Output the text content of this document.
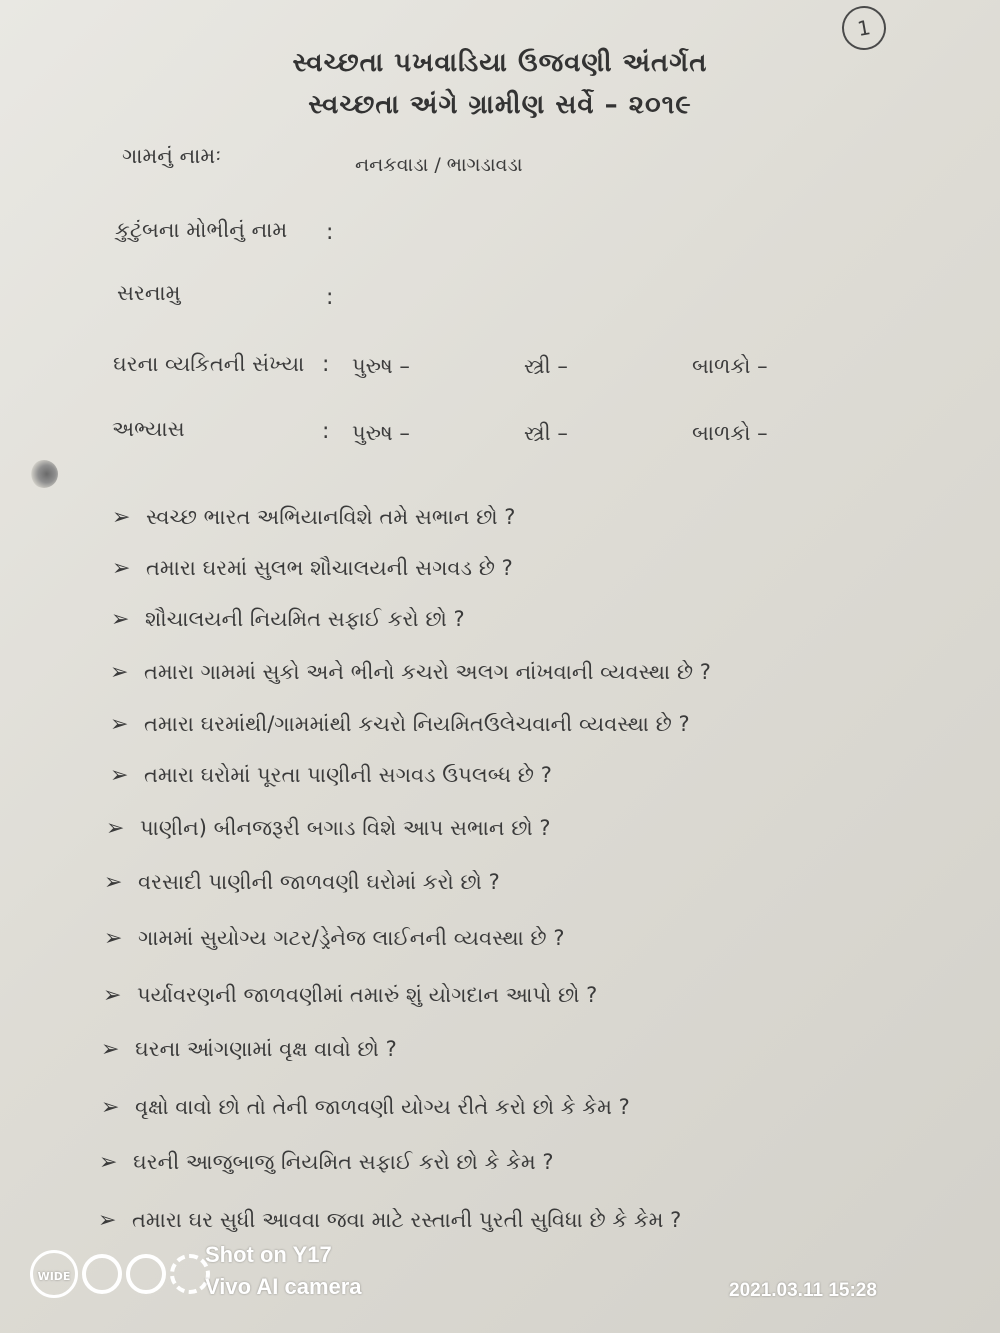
1
સ્વચ્છતા પખવાડિયા ઉજવણી અંતર્ગત
સ્વચ્છતા અંગે ગ્રામીણ સર્વે – ૨૦૧૯
ગામનું નામઃ	નનકવાડા / ભાગડાવડા
કુટુંબના મોભીનું નામ :
સરનામુ	:
ઘરના વ્યકિતની સંખ્યા : પુરુષ –	સ્ત્રી –	બાળકો –
અભ્યાસ	: પુરુષ –	સ્ત્રી –	બાળકો –
➢ સ્વચ્છ ભારત અભિયાનવિશે તમે સભાન છો ?
➢ તમારા ઘરમાં સુલભ શૌચાલયની સગવડ છે ?
➢ શૌચાલયની નિયમિત સફાઈ કરો છો ?
➢ તમારા ગામમાં સુકો અને ભીનો કચરો અલગ નાંખવાની વ્યવસ્થા છે ?
➢ તમારા ઘરમાંથી/ગામમાંથી કચરો નિયમિતઉલેચવાની વ્યવસ્થા છે ?
➢ તમારા ઘરોમાં પૂરતા પાણીની સગવડ ઉપલબ્ધ છે ?
➢ પાણીન) બીનજરૂરી બગાડ વિશે આપ સભાન છો ?
➢ વરસાદી પાણીની જાળવણી ઘરોમાં કરો છો ?
➢ ગામમાં સુયોગ્ય ગટર/ડ્રેનેજ લાઈનની વ્યવસ્થા છે ?
➢ પર્યાવરણની જાળવણીમાં તમારું શું યોગદાન આપો છો ?
➢ ઘરના આંગણામાં વૃક્ષ વાવો છો ?
➢ વૃક્ષો વાવો છો તો તેની જાળવણી યોગ્ય રીતે કરો છો કે કેમ ?
➢ ઘરની આજુબાજુ નિયમિત સફાઈ કરો છો કે કેમ ?
➢ તમારા ઘર સુધી આવવા જવા માટે રસ્તાની પુરતી સુવિધા છે કે કેમ ?
WIDE
Shot on Y17
Vivo AI camera	2021.03.11 15:28
